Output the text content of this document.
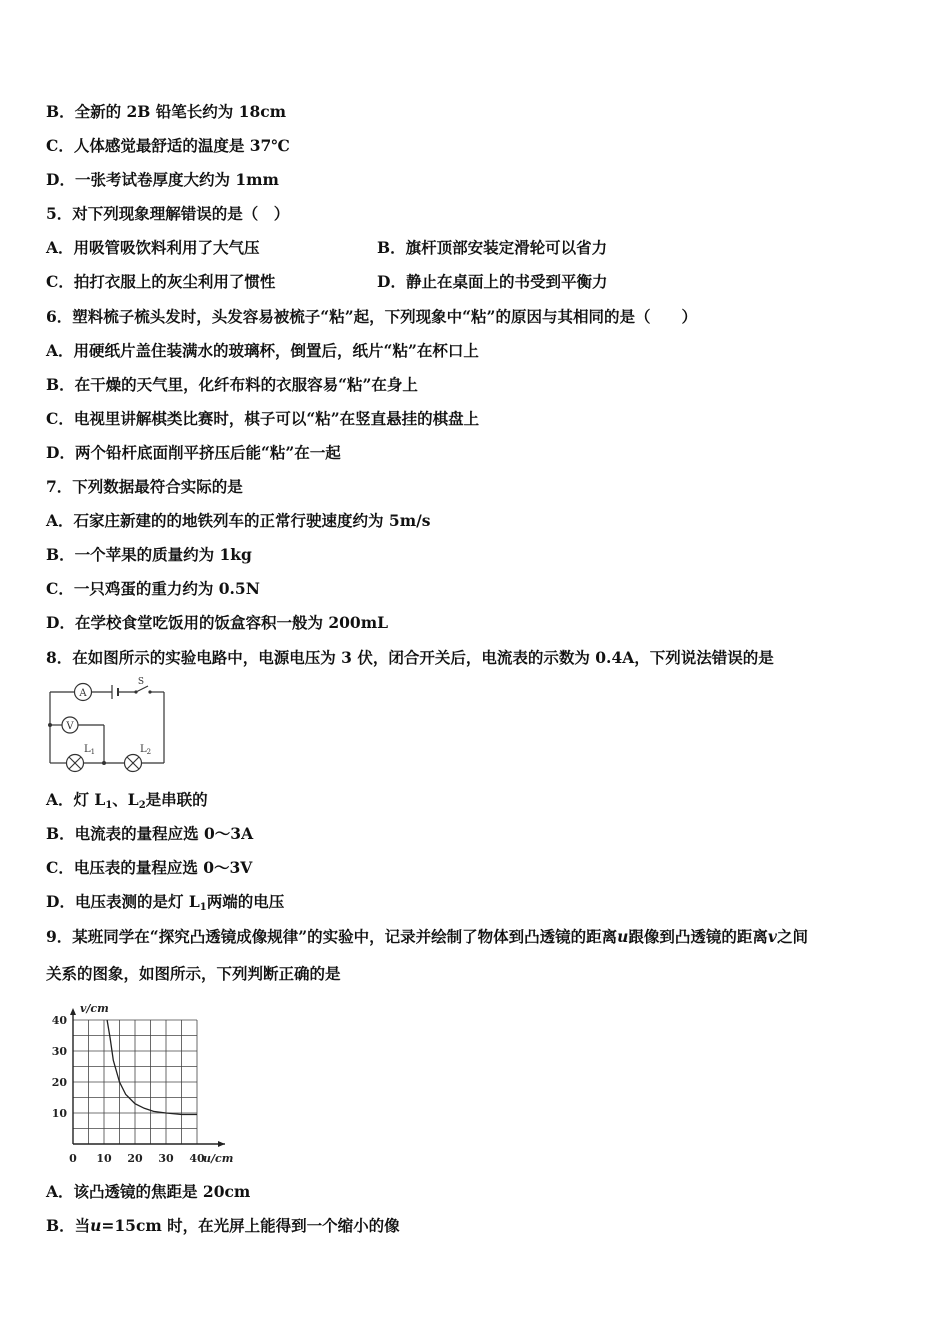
B．全新的 2B 铅笔长约为 18cm
C．人体感觉最舒适的温度是 37℃
D．一张考试卷厚度大约为 1mm
5．对下列现象理解错误的是（　）
A．用吸管吸饮料利用了大气压	B．旗杆顶部安装定滑轮可以省力
C．拍打衣服上的灰尘利用了惯性	D．静止在桌面上的书受到平衡力
6．塑料梳子梳头发时，头发容易被梳子“粘”起，下列现象中“粘”的原因与其相同的是（　　）
A．用硬纸片盖住装满水的玻璃杯，倒置后，纸片“粘”在杯口上
B．在干燥的天气里，化纤布料的衣服容易“粘”在身上
C．电视里讲解棋类比赛时，棋子可以“粘”在竖直悬挂的棋盘上
D．两个铅杆底面削平挤压后能“粘”在一起
7．下列数据最符合实际的是
A．石家庄新建的的地铁列车的正常行驶速度约为 5m/s
B．一个苹果的质量约为 1kg
C．一只鸡蛋的重力约为 0.5N
D．在学校食堂吃饭用的饭盒容积一般为 200mL
8．在如图所示的实验电路中，电源电压为 3 伏，闭合开关后，电流表的示数为 0.4A，下列说法错误的是
A
S
V
$L_1$	$L_2$
A．灯 $L_1$、$L_2$是串联的
B．电流表的量程应选 0～3A
C．电压表的量程应选 0～3V
D．电压表测的是灯 $L_1$两端的电压
9．某班同学在“探究凸透镜成像规律”的实验中，记录并绘制了物体到凸透镜的距离u跟像到凸透镜的距离v之间
关系的图象，如图所示，下列判断正确的是
0 10 20 30 40
10
20
30
40
u/cm
v/cm
A．该凸透镜的焦距是 20cm
B．当u=15cm 时，在光屏上能得到一个缩小的像
